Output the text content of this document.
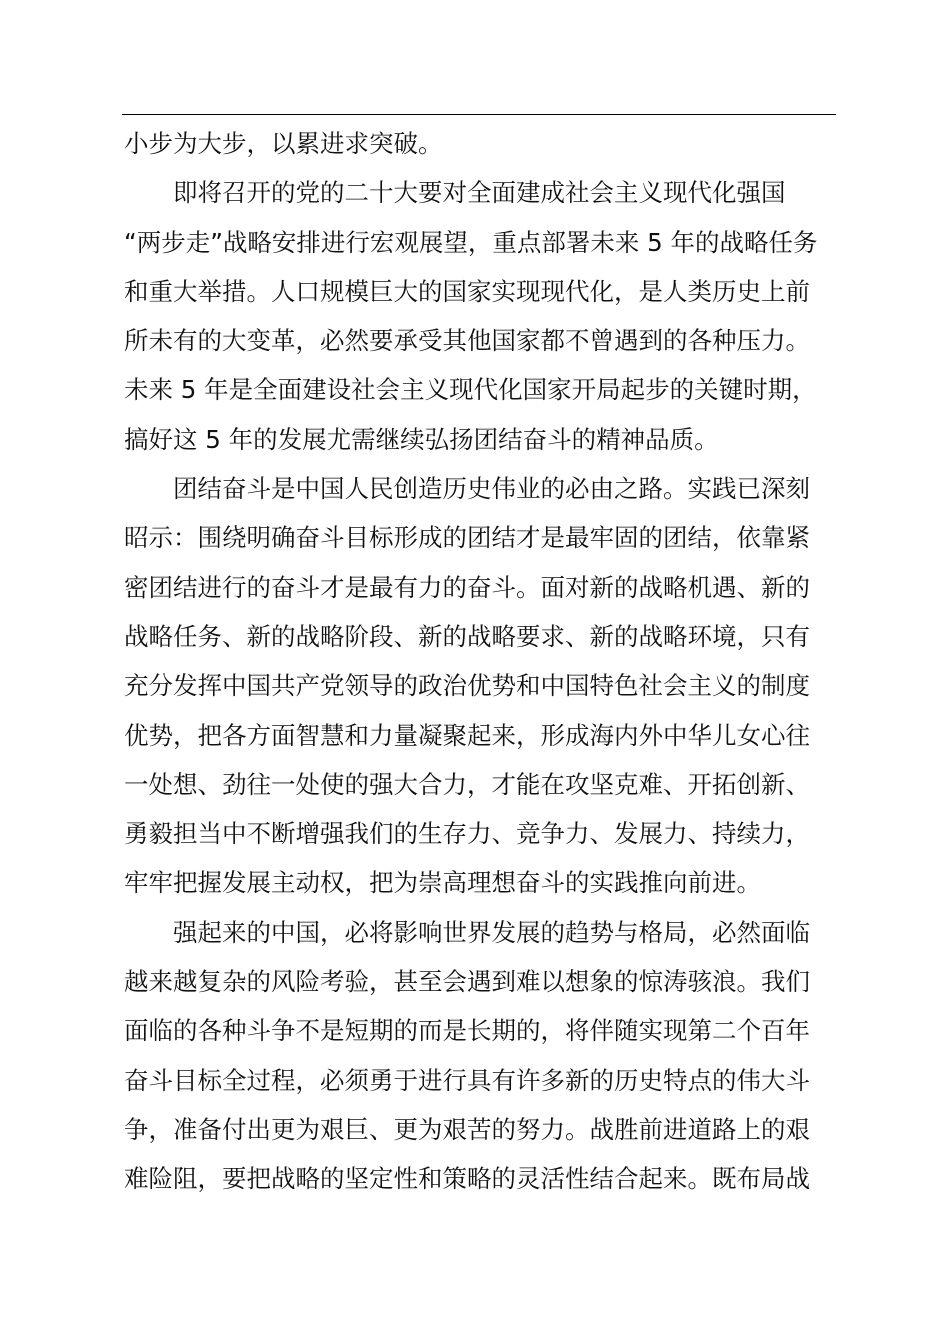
小步为大步，以累进求突破。
即将召开的党的二十大要对全面建成社会主义现代化强国
“两步走”战略安排进行宏观展望，重点部署未来 5 年的战略任务
和重大举措。人口规模巨大的国家实现现代化，是人类历史上前
所未有的大变革，必然要承受其他国家都不曾遇到的各种压力。
未来 5 年是全面建设社会主义现代化国家开局起步的关键时期，
搞好这 5 年的发展尤需继续弘扬团结奋斗的精神品质。
团结奋斗是中国人民创造历史伟业的必由之路。实践已深刻
昭示：围绕明确奋斗目标形成的团结才是最牢固的团结，依靠紧
密团结进行的奋斗才是最有力的奋斗。面对新的战略机遇、新的
战略任务、新的战略阶段、新的战略要求、新的战略环境，只有
充分发挥中国共产党领导的政治优势和中国特色社会主义的制度
优势，把各方面智慧和力量凝聚起来，形成海内外中华儿女心往
一处想、劲往一处使的强大合力，才能在攻坚克难、开拓创新、
勇毅担当中不断增强我们的生存力、竞争力、发展力、持续力，
牢牢把握发展主动权，把为崇高理想奋斗的实践推向前进。
强起来的中国，必将影响世界发展的趋势与格局，必然面临
越来越复杂的风险考验，甚至会遇到难以想象的惊涛骇浪。我们
面临的各种斗争不是短期的而是长期的，将伴随实现第二个百年
奋斗目标全过程，必须勇于进行具有许多新的历史特点的伟大斗
争，准备付出更为艰巨、更为艰苦的努力。战胜前进道路上的艰
难险阻，要把战略的坚定性和策略的灵活性结合起来。既布局战
